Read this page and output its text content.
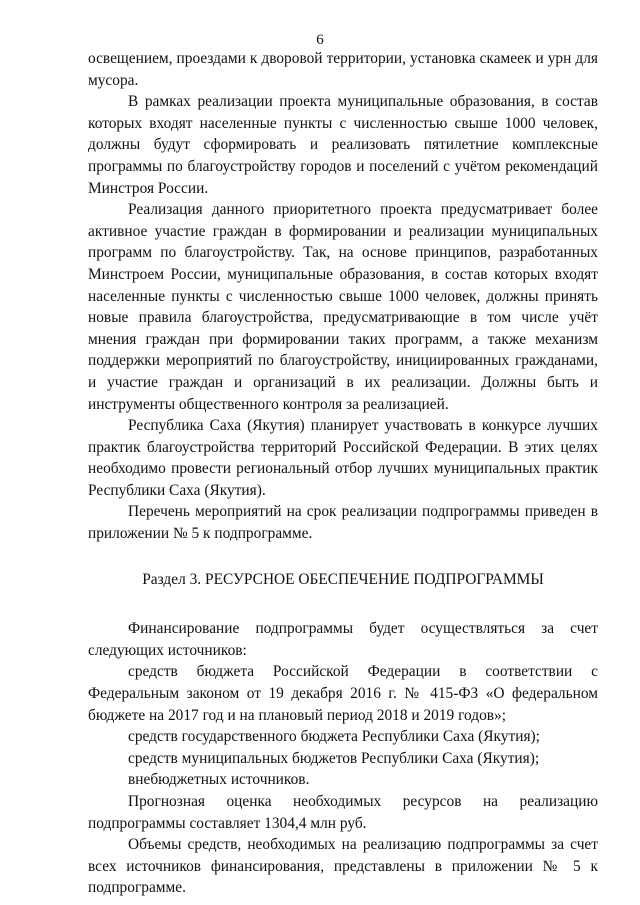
6

освещением, проездами к дворовой территории, установка скамеек и урн для мусора.

В рамках реализации проекта муниципальные образования, в состав которых входят населенные пункты с численностью свыше 1000 человек, должны будут сформировать и реализовать пятилетние комплексные программы по благоустройству городов и поселений с учётом рекомендаций Минстроя России.

Реализация данного приоритетного проекта предусматривает более активное участие граждан в формировании и реализации муниципальных программ по благоустройству. Так, на основе принципов, разработанных Минстроем России, муниципальные образования, в состав которых входят населенные пункты с численностью свыше 1000 человек, должны принять новые правила благоустройства, предусматривающие в том числе учёт мнения граждан при формировании таких программ, а также механизм поддержки мероприятий по благоустройству, инициированных гражданами, и участие граждан и организаций в их реализации. Должны быть и инструменты общественного контроля за реализацией.

Республика Саха (Якутия) планирует участвовать в конкурсе лучших практик благоустройства территорий Российской Федерации. В этих целях необходимо провести региональный отбор лучших муниципальных практик Республики Саха (Якутия).

Перечень мероприятий на срок реализации подпрограммы приведен в приложении № 5 к подпрограмме.

Раздел 3. РЕСУРСНОЕ ОБЕСПЕЧЕНИЕ ПОДПРОГРАММЫ

Финансирование подпрограммы будет осуществляться за счет следующих источников:

средств бюджета Российской Федерации в соответствии с Федеральным законом от 19 декабря 2016 г. № 415-ФЗ «О федеральном бюджете на 2017 год и на плановый период 2018 и 2019 годов»;

средств государственного бюджета Республики Саха (Якутия);

средств муниципальных бюджетов Республики Саха (Якутия);

внебюджетных источников.

Прогнозная оценка необходимых ресурсов на реализацию подпрограммы составляет 1304,4 млн руб.

Объемы средств, необходимых на реализацию подпрограммы за счет всех источников финансирования, представлены в приложении № 5 к подпрограмме.
